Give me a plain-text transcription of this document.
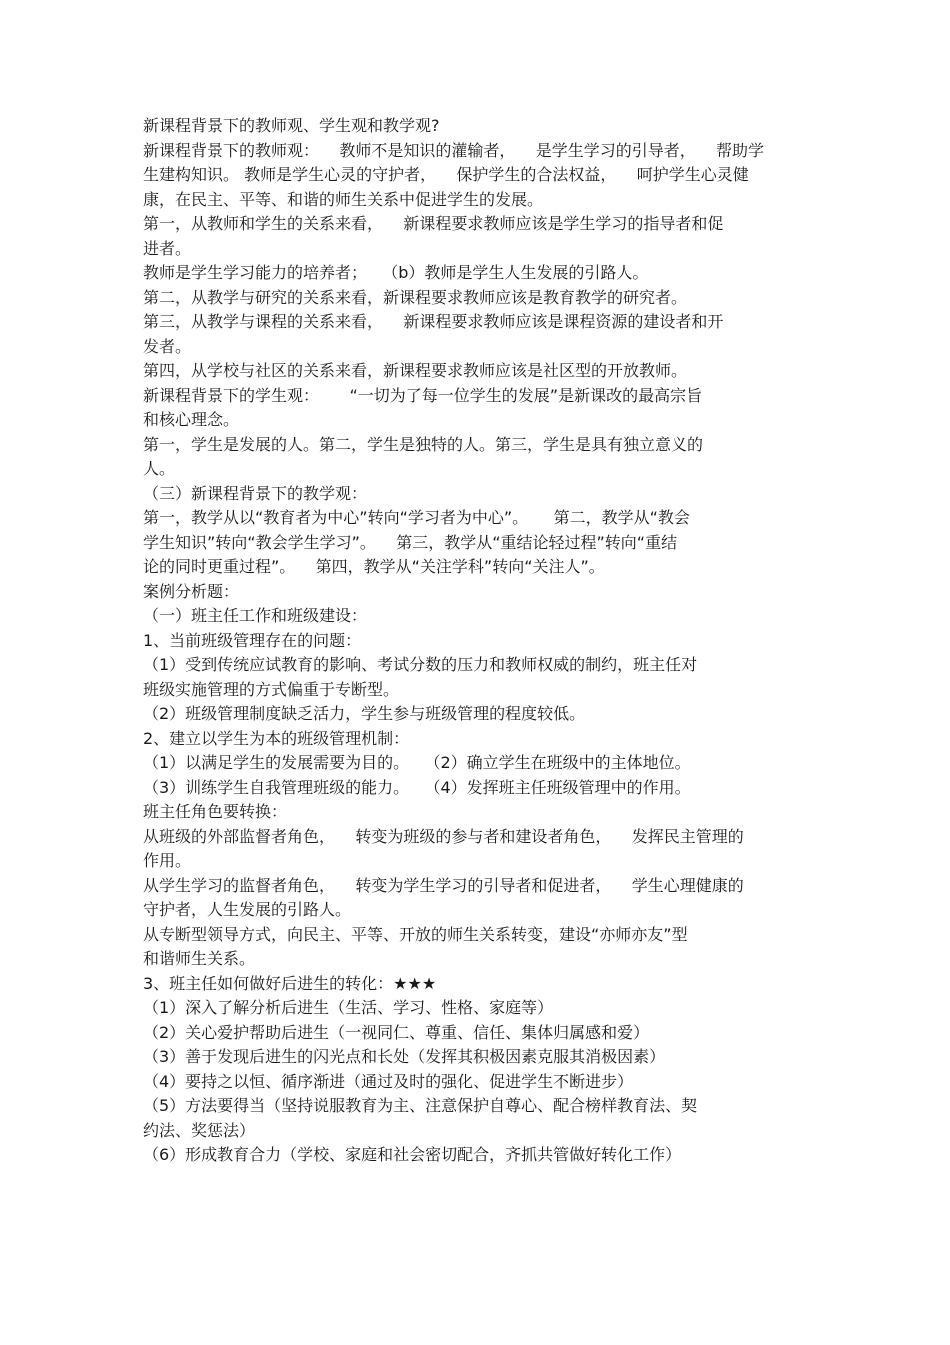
新课程背景下的教师观、学生观和教学观?
新课程背景下的教师观：    教师不是知识的灌输者，    是学生学习的引导者，    帮助学
生建构知识。 教师是学生心灵的守护者，    保护学生的合法权益，    呵护学生心灵健
康，在民主、平等、和谐的师生关系中促进学生的发展。
第一，从教师和学生的关系来看，    新课程要求教师应该是学生学习的指导者和促
进者。
教师是学生学习能力的培养者；   （b）教师是学生人生发展的引路人。
第二，从教学与研究的关系来看，新课程要求教师应该是教育教学的研究者。
第三，从教学与课程的关系来看，    新课程要求教师应该是课程资源的建设者和开
发者。
第四，从学校与社区的关系来看，新课程要求教师应该是社区型的开放教师。
新课程背景下的学生观：      “一切为了每一位学生的发展”是新课改的最高宗旨
和核心理念。
第一，学生是发展的人。第二，学生是独特的人。第三，学生是具有独立意义的
人。
（三）新课程背景下的教学观：
第一，教学从以“教育者为中心”转向“学习者为中心”。     第二，教学从“教会
学生知识”转向“教会学生学习”。    第三，教学从“重结论轻过程”转向“重结
论的同时更重过程”。    第四，教学从“关注学科”转向“关注人”。
案例分析题：
（一）班主任工作和班级建设：
1、当前班级管理存在的问题：
（1）受到传统应试教育的影响、考试分数的压力和教师权威的制约，班主任对
班级实施管理的方式偏重于专断型。
（2）班级管理制度缺乏活力，学生参与班级管理的程度较低。
2、建立以学生为本的班级管理机制：
（1）以满足学生的发展需要为目的。   （2）确立学生在班级中的主体地位。
（3）训练学生自我管理班级的能力。   （4）发挥班主任班级管理中的作用。
班主任角色要转换：
从班级的外部监督者角色，    转变为班级的参与者和建设者角色，    发挥民主管理的
作用。
从学生学习的监督者角色，    转变为学生学习的引导者和促进者，    学生心理健康的
守护者，人生发展的引路人。
从专断型领导方式，向民主、平等、开放的师生关系转变，建设“亦师亦友”型
和谐师生关系。
3、班主任如何做好后进生的转化：★★★
（1）深入了解分析后进生（生活、学习、性格、家庭等）
（2）关心爱护帮助后进生（一视同仁、尊重、信任、集体归属感和爱）
（3）善于发现后进生的闪光点和长处（发挥其积极因素克服其消极因素）
（4）要持之以恒、循序渐进（通过及时的强化、促进学生不断进步）
（5）方法要得当（坚持说服教育为主、注意保护自尊心、配合榜样教育法、契
约法、奖惩法）
（6）形成教育合力（学校、家庭和社会密切配合，齐抓共管做好转化工作）
